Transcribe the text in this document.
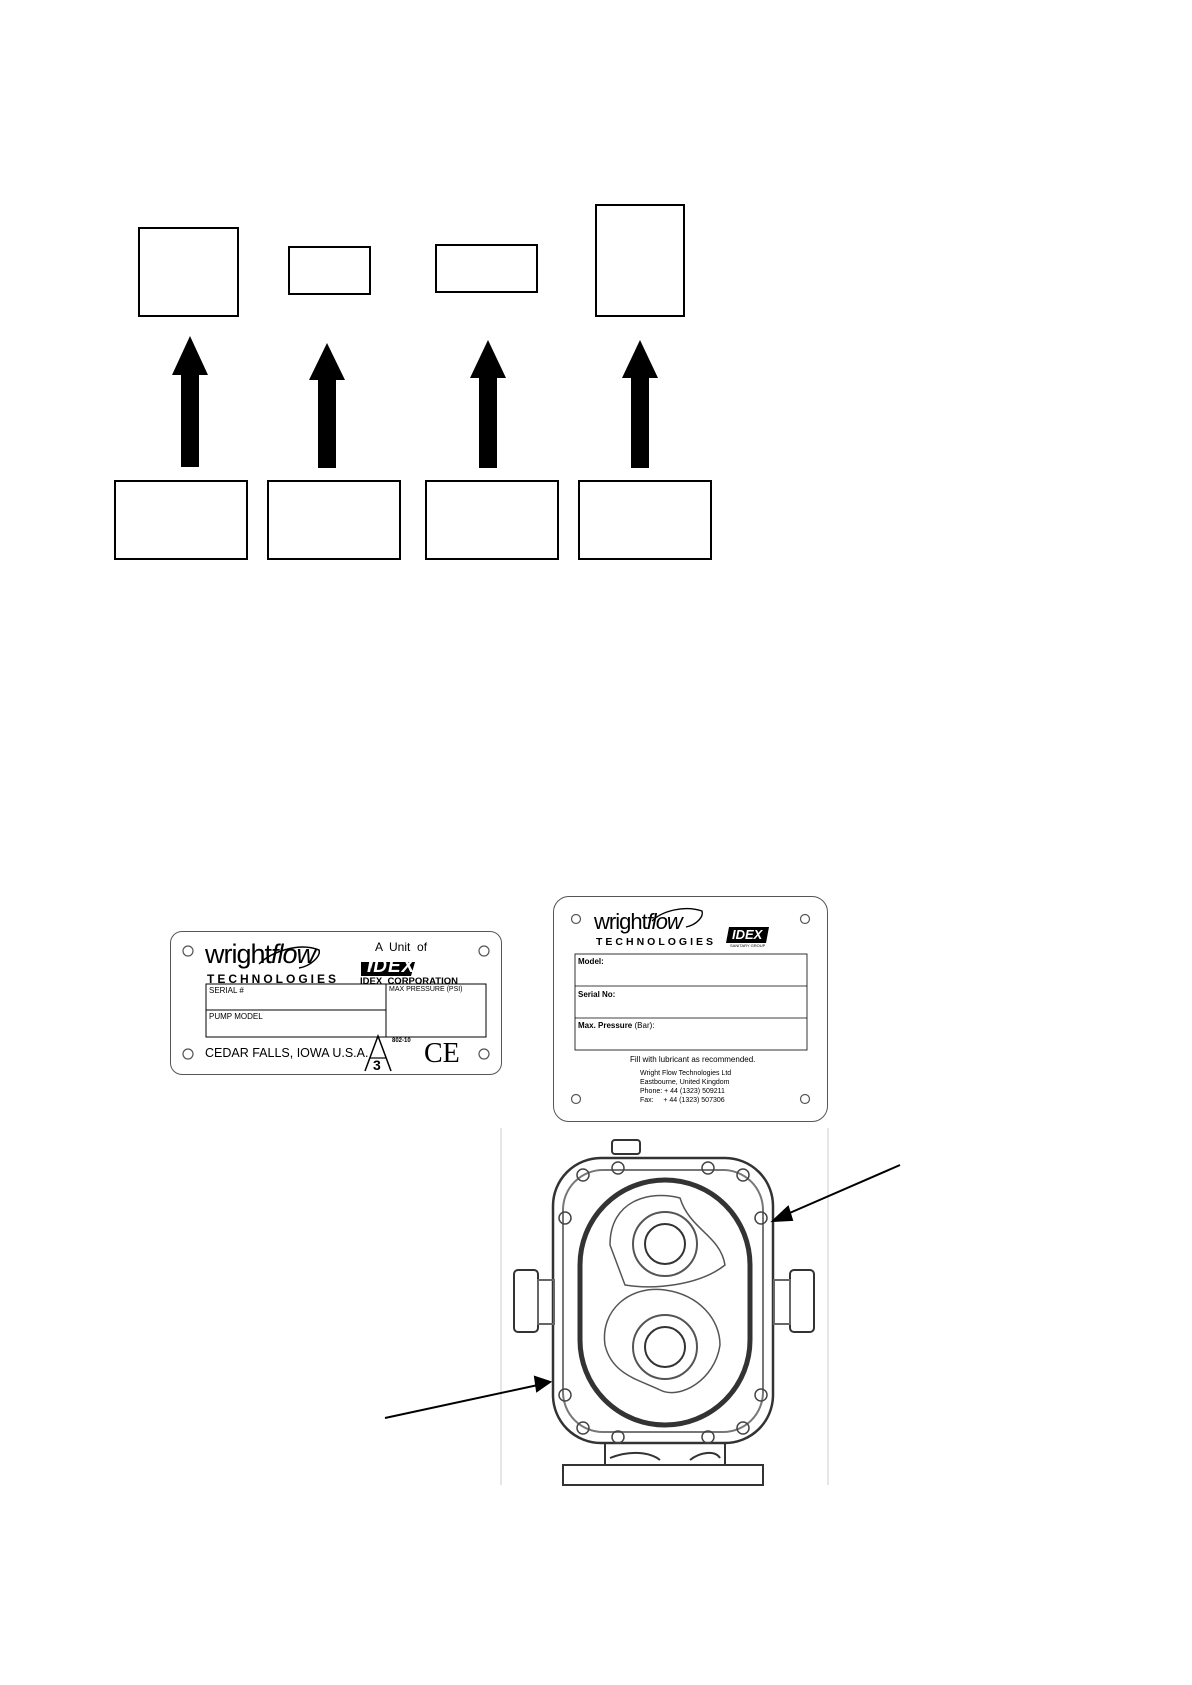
3
wrightflow
TECHNOLOGIES
A  Unit  of
IDEX
IDEX  CORPORATION
SERIAL #
PUMP MODEL
MAX PRESSURE (PSI)
CEDAR FALLS, IOWA U.S.A.
802-10 CE
wrightflow
TECHNOLOGIES IDEX
SANITARY GROUP
Model:
Serial No:
Max. Pressure (Bar):
Fill with lubricant as recommended.
Wright Flow Technologies Ltd
Eastbourne, United Kingdom
Phone: + 44 (1323) 509211
Fax:     + 44 (1323) 507306
